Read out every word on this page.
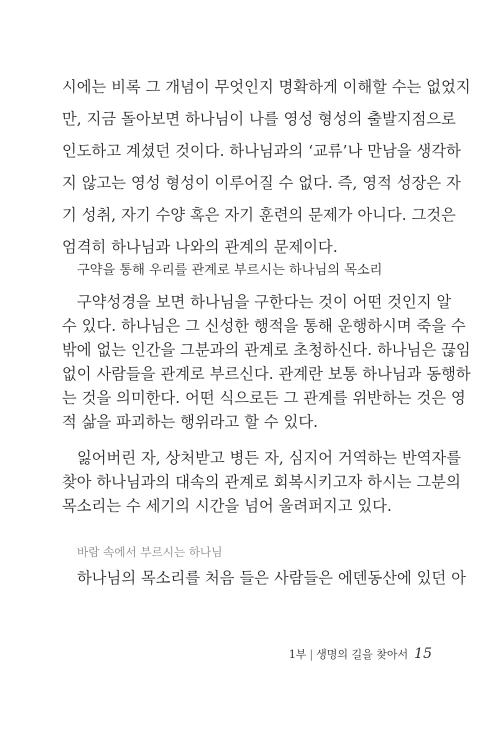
시에는 비록 그 개념이 무엇인지 명확하게 이해할 수는 없었지
만, 지금 돌아보면 하나님이 나를 영성 형성의 출발지점으로
인도하고 계셨던 것이다. 하나님과의 ‘교류’나 만남을 생각하
지 않고는 영성 형성이 이루어질 수 없다. 즉, 영적 성장은 자
기 성취, 자기 수양 혹은 자기 훈련의 문제가 아니다. 그것은
엄격히 하나님과 나와의 관계의 문제이다.
구약을 통해 우리를 관계로 부르시는 하나님의 목소리
구약성경을 보면 하나님을 구한다는 것이 어떤 것인지 알
수 있다. 하나님은 그 신성한 행적을 통해 운행하시며 죽을 수
밖에 없는 인간을 그분과의 관계로 초청하신다. 하나님은 끊임
없이 사람들을 관계로 부르신다. 관계란 보통 하나님과 동행하
는 것을 의미한다. 어떤 식으로든 그 관계를 위반하는 것은 영
적 삶을 파괴하는 행위라고 할 수 있다.
잃어버린 자, 상처받고 병든 자, 심지어 거역하는 반역자를
찾아 하나님과의 대속의 관계로 회복시키고자 하시는 그분의
목소리는 수 세기의 시간을 넘어 울려퍼지고 있다.
바람 속에서 부르시는 하나님
하나님의 목소리를 처음 들은 사람들은 에덴동산에 있던 아
1부 | 생명의 길을 찾아서 15
